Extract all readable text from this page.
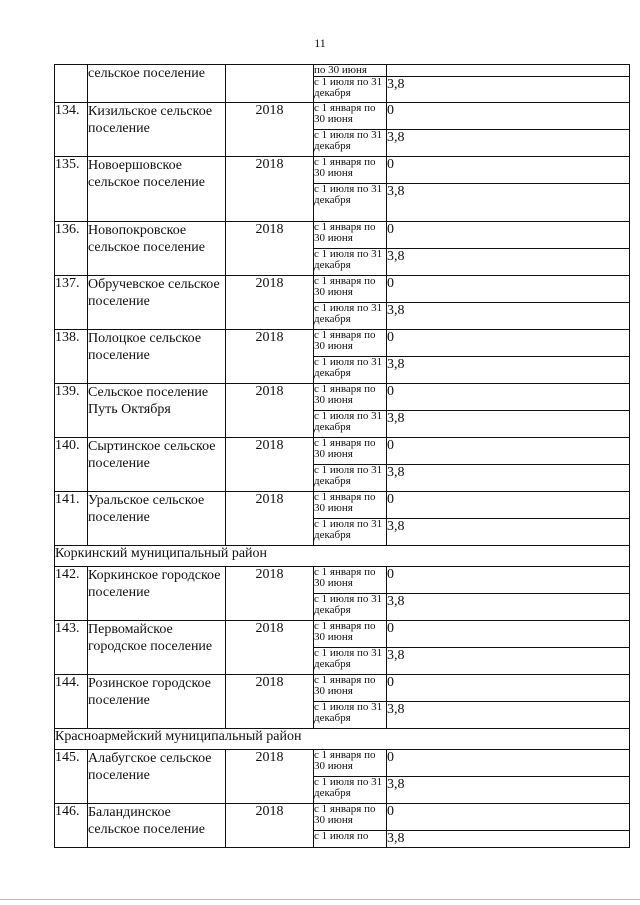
11
	сельское поселение		по 30 июня	
			с 1 июля по 31 декабря	3,8
134.	Кизильское сельское поселение	2018	с 1 января по 30 июня	0
			с 1 июля по 31 декабря	3,8
135.	Новоершовское сельское поселение	2018	с 1 января по 30 июня	0
			с 1 июля по 31 декабря	3,8
136.	Новопокровское сельское поселение	2018	с 1 января по 30 июня	0
			с 1 июля по 31 декабря	3,8
137.	Обручевское сельское поселение	2018	с 1 января по 30 июня	0
			с 1 июля по 31 декабря	3,8
138.	Полоцкое сельское поселение	2018	с 1 января по 30 июня	0
			с 1 июля по 31 декабря	3,8
139.	Сельское поселение Путь Октября	2018	с 1 января по 30 июня	0
			с 1 июля по 31 декабря	3,8
140.	Сыртинское сельское поселение	2018	с 1 января по 30 июня	0
			с 1 июля по 31 декабря	3,8
141.	Уральское сельское поселение	2018	с 1 января по 30 июня	0
			с 1 июля по 31 декабря	3,8
Коркинский муниципальный район				
142.	Коркинское городское поселение	2018	с 1 января по 30 июня	0
			с 1 июля по 31 декабря	3,8
143.	Первомайское городское поселение	2018	с 1 января по 30 июня	0
			с 1 июля по 31 декабря	3,8
144.	Розинское городское поселение	2018	с 1 января по 30 июня	0
			с 1 июля по 31 декабря	3,8
Красноармейский муниципальный район				
145.	Алабугское сельское поселение	2018	с 1 января по 30 июня	0
			с 1 июля по 31 декабря	3,8
146.	Баландинское сельское поселение	2018	с 1 января по 30 июня	0
			с 1 июля по	3,8
